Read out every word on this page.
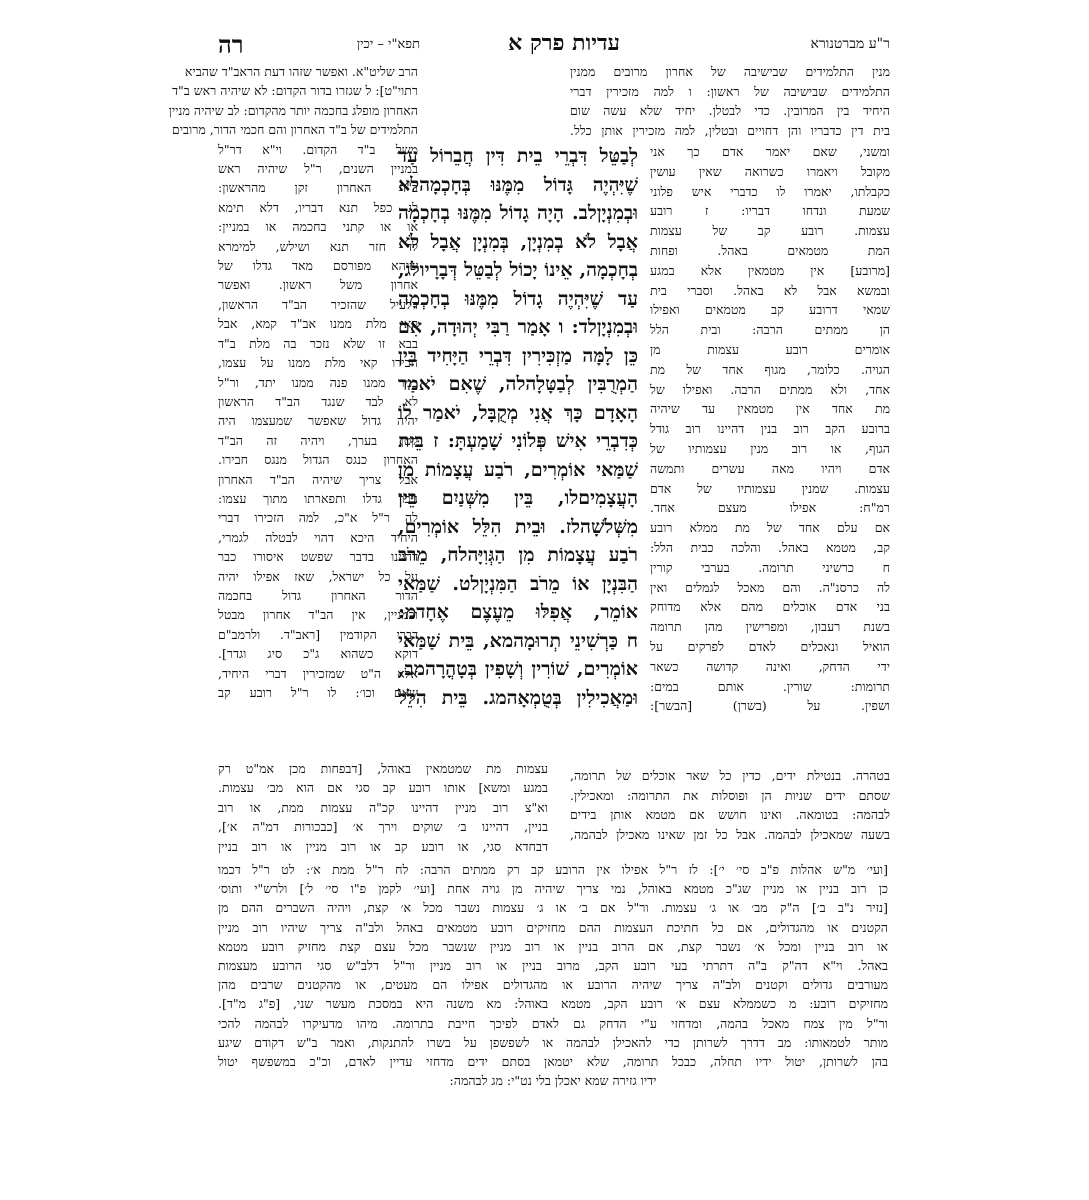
ר"ע מברטנורא
עדיות פרק א
תפא"י – יכין
רה
מנין התלמידים שבישיבה של אחרון מרובים ממנין
התלמידים שבישיבה של ראשון: ו למה מזכירין דברי
היחיד בין המרובין. כדי לבטלן. יחיד שלא עשה שום
בית דין כדבריו והן דחויים ובטלין, למה מזכירין אותן כלל.
ומשני, שאם יאמר אדם כך אני
מקובל ויאמרו כשרואה שאין עושין
כקבלתו, יאמרו לו כדברי איש פלוני
שמעת ונדחו דבריו: ז רובע
עצמות. רובע קב של עצמות
המת מטמאים באהל. ופחות
[מרובע] אין מטמאין אלא במגע
ובמשא אבל לא באהל. וסברי בית
שמאי דרובע קב מטמאים ואפילו
הן ממתים הרבה: ובית הלל
אומרים רובע עצמות מן
הגויה. כלומר, מגוף אחד של מת
אחד, ולא ממתים הרבה. ואפילו של
מת אחד אין מטמאין עד שיהיה
ברובע הקב רוב בנין דהיינו רוב גודל
הגוף, או רוב מנין עצמותיו של
אדם ויהיו מאה עשרים ותמשה
עצמות. שמנין עצמותיו של אדם
רמ"ח: אפילו מעצם אחד.
אם עלם אחד של מת ממלא רובע
קב, מטמא באהל. והלכה כבית הלל:
ח כרשיני תרומה. בערבי קורין
לה כרסנ"ה. והם מאכל לגמלים ואין
בני אדם אוכלים מהם אלא מדוחק
בשנת רעבון, ומפרישין מהן תרומה
הואיל ונאכלים לאדם לפרקים על
ידי הדחק, ואינה קדושה כשאר
תרומות: שורין. אותם במים:
ושפין. על (בשרן) [הבשר]:
בטהרה. בנטילת ידים, כדין כל שאר אוכלים של תרומה,
שסתם ידים שניות הן ופוסלות את התרומה: ומאכילין.
לבהמה: בטומאה. ואינו חושש אם מטמא אותן בידים
בשעה שמאכילן לבהמה. אבל כל זמן שאינו מאכילן לבהמה,
לְבַטֵּל דִּבְרֵי בֵית דִּין חֲבֵרוֹל עַד
שֶׁיִּהְיֶה גָּדוֹל מִמֶּנּוּ בְּחָכְמָהלא
וּבְמִנְיָןלב. הָיָה גָדוֹל מִמֶּנּוּ בְחָכְמָה
אֲבָל לֹא בְמִנְיָן, בְּמִנְיָן אֲבָל לֹא
בְחָכְמָה, אֵינוֹ יָכוֹל לְבַטֵּל דְּבָרָיולג,
עַד שֶׁיִּהְיֶה גָדוֹל מִמֶּנּוּ בְחָכְמָה
וּבְמִנְיָןלד: ו אָמַר רַבִּי יְהוּדָה, אִם
כֵּן לָמָּה מַזְכִּירִין דִּבְרֵי הַיָּחִיד בֵּין
הַמְרֻבִּין לְבַטָּלָהלה, שֶׁאִם יֹאמַר
הָאָדָם כָּךְ אֲנִי מְקֻבָּל, יֹאמַר לוֹ
כְּדִבְרֵי אִישׁ פְּלוֹנִי שָׁמַעְתָּ: ז בֵּית
שַׁמַּאי אוֹמְרִים, רֹבַע עֲצָמוֹת מִן
הָעֲצָמִיםלו, בֵּין מִשְּׁנַיִם בֵּין
מִשְּׁלֹשָׁהלז. וּבֵית הִלֵּל אוֹמְרִים,
רֹבַע עֲצָמוֹת מִן הַגְּוִיָּהלח, מֵרֹב
הַבִּנְיָן אוֹ מֵרֹב הַמִּנְיָןלט. שַׁמַּאי
אוֹמֵר, אֲפִלּוּ מֵעֶצֶם אֶחָדמ:
ח כַּרְשִׁינֵי תְרוּמָהמא, בֵּית שַׁמַּאי
אוֹמְרִים, שׁוֹרִין וְשָׁפִין בְּטָהֳרָהמב,
וּמַאֲכִילִין בְּטֻמְאָהמג. בֵּית הִלֵּל
הרב שליט"א. ואפשר שזהו דעת הראב"ד שהביא
רתוי"ט]: ל שגזרו בדור הקדום: לא שיהיה ראש ב"ד
האחרון מופלג בחכמה יותר מהקדום: לב שיהיה מניין
התלמידים של ב"ד האחרון והם חכמי הדור, מרובים
משל ב"ד הקדום. וי"א דר"ל
במניין השנים, ר"ל שיהיה ראש
ב"ד האחרון זקן מהראשון:
לג כפל תנא דבריו, דלא תימא
או או קתני בחכמה או במניין:
לד חזר תנא ושילש, למימרא
שיהא מפורסם מאד גדלו של
אחרון משל ראשון. ואפשר
דלעיל שהזכיר הב"ד הראשון,
קאי מלת ממנו אב"ד קמא, אבל
בבא זו שלא נזכר בה מלת ב"ד
חבירו קאי מלת ממנו על עצמו,
כמו ממנו פנה ממנו יתד, ור"ל
לא לבד שנגד הב"ד הראשון
יהיה גדול שאפשר שמעצמו היה
קטן בערך, ויהיה זה הב"ד
האחרון כנגס הגדול מנגס חבירו.
אבל צריך שיהיה הב"ד האחרון
ניכר גדלו ותפארתו מתוך עצמו:
לה ר"ל א"כ, למה הזכירו דברי
היחיד היכא דהוי לבטלה לגמרי,
דהיינו בדבר שפשט איסורו כבר
על כל ישראל, שאז אפילו יהיה
הדור האחרון גדול בחכמה
ובמניין, אין הב"ד אחרון מבטל
דברי הקודמין [ראב"ד. ולרמב"ם
דוקא כשהוא ג"כ סיג וגדר].
אלא ה"ט שמזכירין דברי היחיד,
שאם וכו׳: לו ר"ל רובע קב
עצמות מת שמטמאין באוהל, [דבפחות מכן אמ"ט רק
במגע ומשא] אותו רובע קב סגי אם הוא מב׳ עצמות.
וא"צ רוב מניין דהיינו קכ"ה עצמות ממת, או רוב
בניין, דהיינו ב׳ שוקים וירך א׳ [כבכורות דמ"ה א׳],
דבחדא סגי, או רובע קב או רוב מניין או רוב בניין
[ועי׳ מ"ש אהלות פ"ב סי׳ י׳]: לז ר"ל אפילו אין הרובע קב רק ממתים הרבה: לח ר"ל ממת א׳: לט ר"ל דכמו
כן רוב בניין או מניין שג"כ מטמא באוהל, נמי צריך שיהיה מן גויה אחת [ועי׳ לקמן פ"ו סי׳ ל׳] ולרש"י ותוס׳
[נזיר נ"ב ב׳] ה"ק מב׳ או ג׳ עצמות. ור"ל אם ב׳ או ג׳ עצמות נשבר מכל א׳ קצת, ויהיה השברים ההם מן
הקטנים או מהגדולים, אם כל חתיכת העצמות ההם מחזיקים רובע מטמאים באהל ולב"ה צריך שיהיו רוב מניין
או רוב בניין ומכל א׳ נשבר קצת, אם הרוב בניין או רוב מניין שנשבר מכל עצם קצת מחזיק רובע מטמא
באהל. וי"א דה"ק ב"ה דתרתי בעי רובע הקב, מרוב בניין או רוב מניין ור"ל דלב"ש סגי הרובע מעצמות
מעורבים גדולים וקטנים ולב"ה צריך שיהיה הרובע או מהגדולים אפילו הם מעטים, או מהקטנים שרבים מהן
מחזיקים רובע: מ כשממלא עצם א׳ רובע הקב, מטמא באוהל: מא משנה היא במסכת מעשר שני, [פ"ג מ"ד].
ור"ל מין צמח מאכל בהמה, ומדחזי ע"י הדחק גם לאדם לפיכך חייבת בתרומה. מיהו מדעיקרו לבהמה להכי
מותר לטמאותו: מב דדרך לשרותן כדי להאכילן לבהמה או לשפשפן על בשרו להתנקות, ואמר ב"ש דקודם שיגע
בהן לשרותן, יטול ידיו תחלה, כבכל תרומה, שלא יטמאן בסתם ידים מדחזי עדיין לאדם, וכ"כ במשפשף יטול
ידיו גזירה שמא יאכלן בלי נט"י: מג לבהמה:
